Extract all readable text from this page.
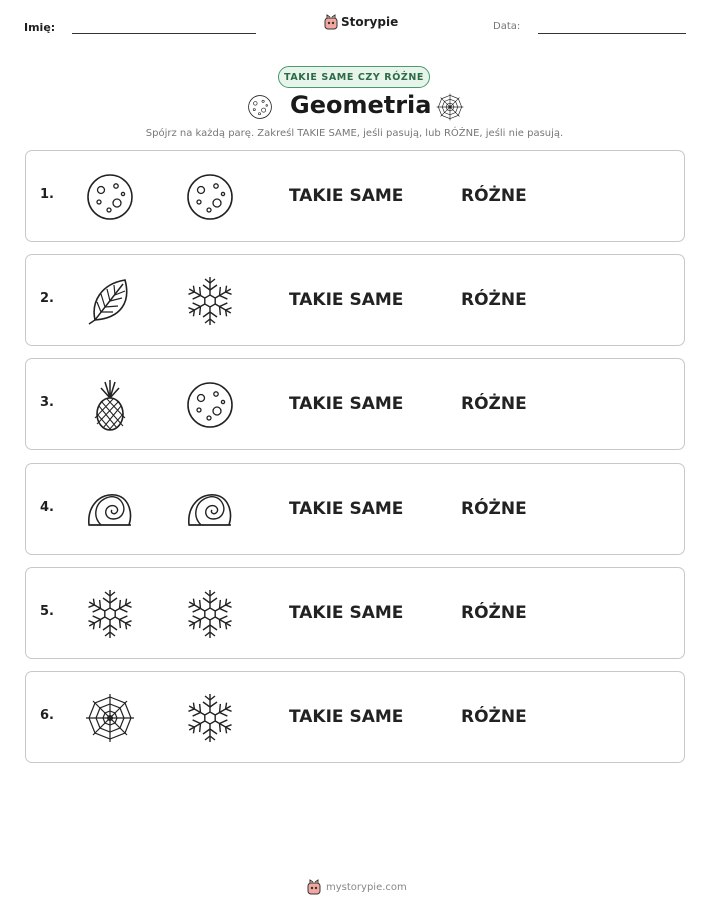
Imię:	Storypie	Data:
TAKIE SAME CZY RÓŻNE
Geometria
Spójrz na każdą parę. Zakreśl TAKIE SAME, jeśli pasują, lub RÓŻNE, jeśli nie pasują.
1.	TAKIE SAME	RÓŻNE
2.	TAKIE SAME	RÓŻNE
3.	TAKIE SAME	RÓŻNE
4.	TAKIE SAME	RÓŻNE
5.	TAKIE SAME	RÓŻNE
6.	TAKIE SAME	RÓŻNE
mystorypie.com
